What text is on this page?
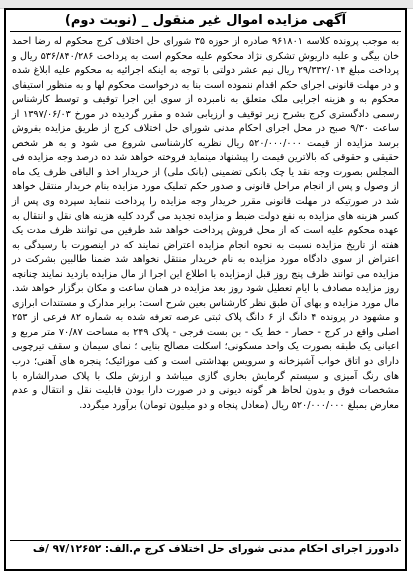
آگهی مزایده اموال غیر منقول _ (نوبت دوم)

به موجب پرونده کلاسه ۹۶۱۸۰۱ صادره از حوزه ۳۵ شورای حل اختلاف کرج محکوم له رضا احمد خان بیگی و علیه داریوش تشکری نژاد محکوم علیه محکوم است به پرداخت ۵۳۶/۸۴۰/۲۸۶ ریال و پرداخت مبلغ ۲۹/۳۳۲/۰۱۴ ریال نیم عشر دولتی با توجه به اینکه اجرائیه به محکوم علیه ابلاغ شده و در مهلت قانونی اجرای حکم اقدام ننموده است بنا به درخواست محکوم لها و به منظور استیفای محکوم به و هزینه اجرایی ملک متعلق به نامبرده از سوی این اجرا توقیف و توسط کارشناس رسمی دادگستری کرج بشرح زیر توقیف و ارزیابی شده و مقرر گردیده در مورخ ۱۳۹۷/۰۶/۰۳ از ساعت ۹/۳۰ صبح در محل اجرای احکام مدنی شورای حل اختلاف کرج از طریق مزایده بفروش برسد مزایده از قیمت ۵۲۰/۰۰۰/۰۰۰ ریال نظریه کارشناسی شروع می شود و به هر شخص حقیقی و حقوقی که بالاترین قیمت را پیشنهاد مینماید فروخته خواهد شد ده درصد وجه مزایده فی المجلس بصورت وجه نقد یا چک بانکی تضمینی (بانک ملی) از خریدار اخذ و الباقی ظرف یک ماه از وصول و پس از انجام مراحل قانونی و صدور حکم تملیک مورد مزایده بنام خریدار منتقل خواهد شد در صورتیکه در مهلت قانونی مقرر خریدار وجه مزایده را پرداخت ننماید سپرده وی پس از کسر هزینه های مزایده به نفع دولت ضبط و مزایده تجدید می گردد کلیه هزینه های نقل و انتقال به عهده محکوم علیه است که از محل فروش پرداخت خواهد شد طرفین می توانند ظرف مدت یک هفته از تاریخ مزایده نسبت به نحوه انجام مزایده اعتراض نمایند که در اینصورت با رسیدگی به اعتراض از سوی دادگاه مورد مزایده به نام خریدار منتقل نخواهد شد ضمنا طالبین بشرکت در مزایده می توانند ظرف پنج روز قبل ازمزایده با اطلاع این اجرا از مال مزایده بازدید نمایند چنانچه روز مزایده مصادف با ایام تعطیل شود روز بعد مزایده در همان ساعت و مکان برگزار خواهد شد. مال مورد مزایده و بهای آن طبق نظر کارشناس بعین شرح است: برابر مدارک و مستندات ابرازی و مشهود در پرونده ۴ دانگ از ۶ دانگ پلاک ثبتی عرصه تعرفه شده به شماره ۸۲ فرعی از ۲۵۳ اصلی واقع در کرج - حصار - خط یک - بن بست فرجی - پلاک ۲۴۹ به مساحت ۷۰/۸۷ متر مربع و اعیانی یک طبقه بصورت یک واحد مسکونی؛ اسکلت مصالح بنایی ؛ نمای سیمان و سقف تیرچوبی دارای دو اتاق خواب آشپزخانه و سرویس بهداشتی است و کف موزائیک؛ پنجره های آهنی؛ درب های رنگ آمیزی و سیستم گرمایش بخاری گازی میباشد و ارزش ملک با پلاک صدرالشاره با مشخصات فوق و بدون لحاظ هر گونه دیونی و در صورت دارا بودن قابلیت نقل و انتقال و عدم معارض بمبلغ ۵۲۰/۰۰۰/۰۰۰ ریال (معادل پنجاه و دو میلیون تومان) برآورد میگردد.

دادورز اجرای احکام مدنی شورای حل اختلاف کرج م.الف: ۹۷/۱۲۶۵۲ /ف
